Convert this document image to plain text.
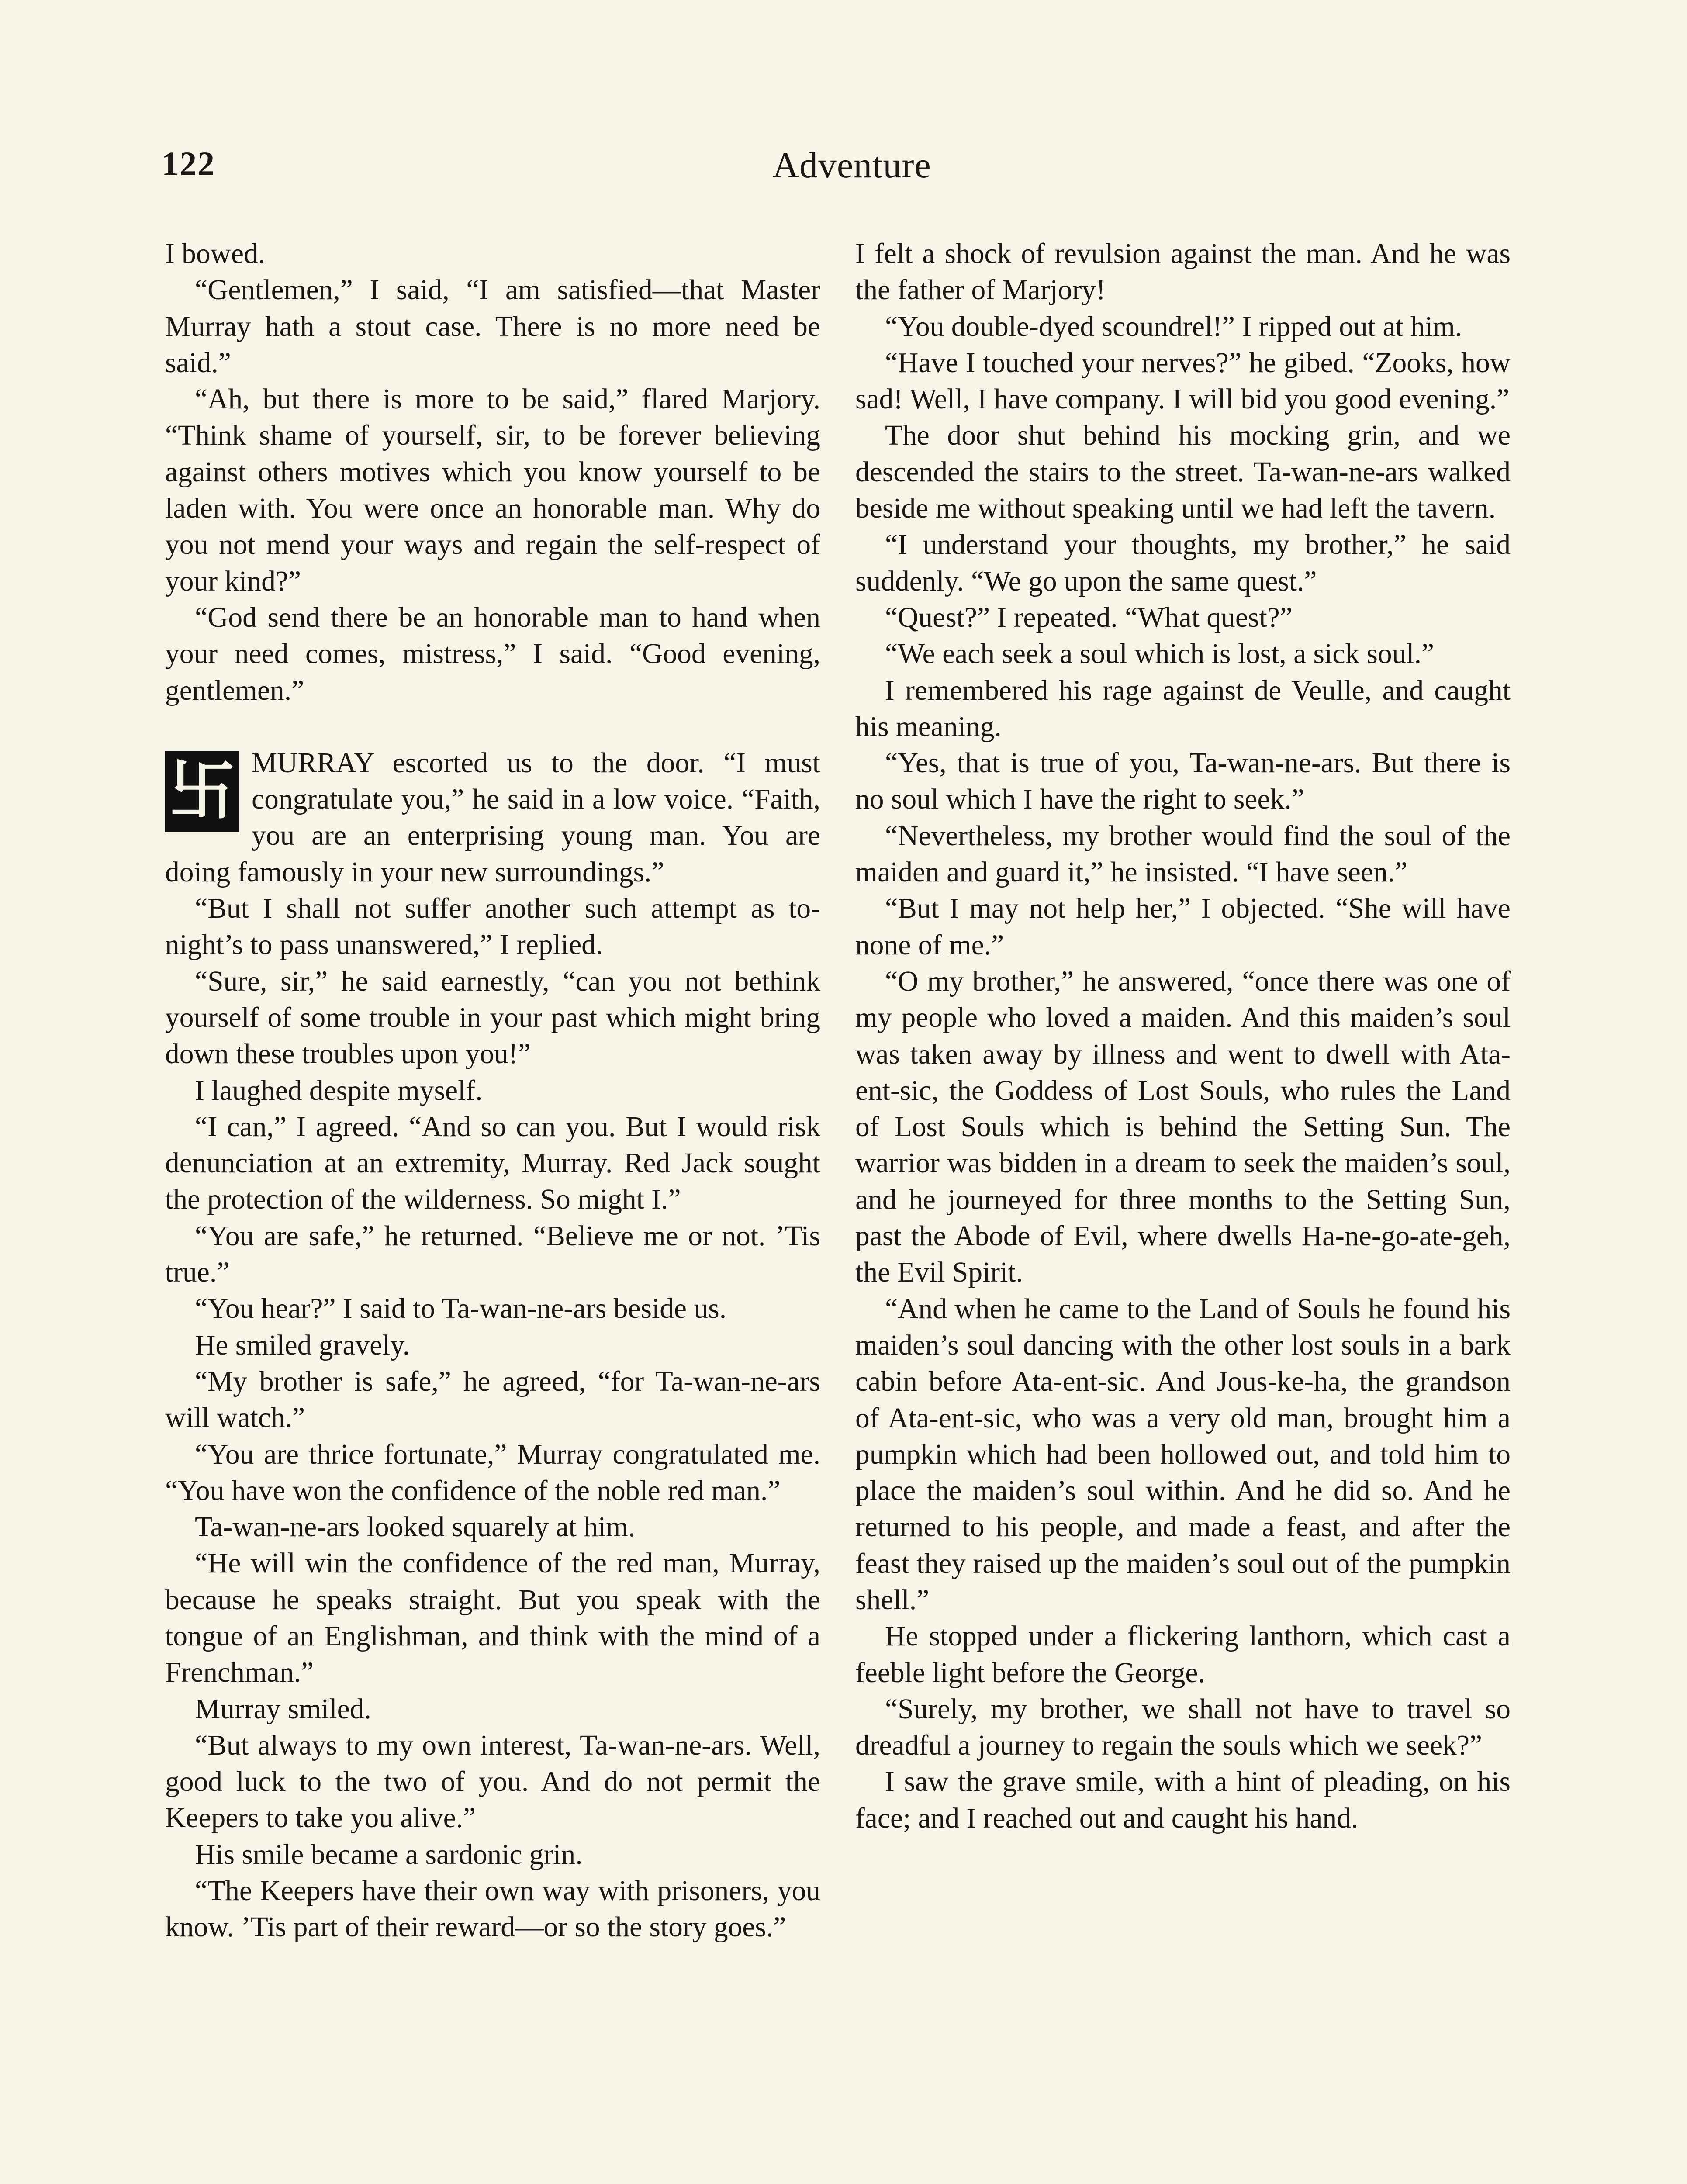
122	Adventure

I bowed.

“Gentlemen,” I said, “I am satisfied—that Master Murray hath a stout case. There is no more need be said.”

“Ah, but there is more to be said,” flared Marjory. “Think shame of yourself, sir, to be forever believing against others motives which you know yourself to be laden with. You were once an honorable man. Why do you not mend your ways and regain the self-respect of your kind?”

“God send there be an honorable man to hand when your need comes, mistress,” I said. “Good evening, gentlemen.”

卐 MURRAY escorted us to the door. “I must congratulate you,” he said in a low voice. “Faith, you are an enterprising young man. You are doing famously in your new surroundings.”

“But I shall not suffer another such attempt as to-night’s to pass unanswered,” I replied.

“Sure, sir,” he said earnestly, “can you not bethink yourself of some trouble in your past which might bring down these troubles upon you!”

I laughed despite myself.

“I can,” I agreed. “And so can you. But I would risk denunciation at an extremity, Murray. Red Jack sought the protection of the wilderness. So might I.”

“You are safe,” he returned. “Believe me or not. ’Tis true.”

“You hear?” I said to Ta-wan-ne-ars beside us.

He smiled gravely.

“My brother is safe,” he agreed, “for Ta-wan-ne-ars will watch.”

“You are thrice fortunate,” Murray congratulated me. “You have won the confidence of the noble red man.”

Ta-wan-ne-ars looked squarely at him.

“He will win the confidence of the red man, Murray, because he speaks straight. But you speak with the tongue of an Englishman, and think with the mind of a Frenchman.”

Murray smiled.

“But always to my own interest, Ta-wan-ne-ars. Well, good luck to the two of you. And do not permit the Keepers to take you alive.”

His smile became a sardonic grin.

“The Keepers have their own way with prisoners, you know. ’Tis part of their reward—or so the story goes.”

I felt a shock of revulsion against the man. And he was the father of Marjory!

“You double-dyed scoundrel!” I ripped out at him.

“Have I touched your nerves?” he gibed. “Zooks, how sad! Well, I have company. I will bid you good evening.”

The door shut behind his mocking grin, and we descended the stairs to the street. Ta-wan-ne-ars walked beside me without speaking until we had left the tavern.

“I understand your thoughts, my brother,” he said suddenly. “We go upon the same quest.”

“Quest?” I repeated. “What quest?”

“We each seek a soul which is lost, a sick soul.”

I remembered his rage against de Veulle, and caught his meaning.

“Yes, that is true of you, Ta-wan-ne-ars. But there is no soul which I have the right to seek.”

“Nevertheless, my brother would find the soul of the maiden and guard it,” he insisted. “I have seen.”

“But I may not help her,” I objected. “She will have none of me.”

“O my brother,” he answered, “once there was one of my people who loved a maiden. And this maiden’s soul was taken away by illness and went to dwell with Ata-ent-sic, the Goddess of Lost Souls, who rules the Land of Lost Souls which is behind the Setting Sun. The warrior was bidden in a dream to seek the maiden’s soul, and he journeyed for three months to the Setting Sun, past the Abode of Evil, where dwells Ha-ne-go-ate-geh, the Evil Spirit.

“And when he came to the Land of Souls he found his maiden’s soul dancing with the other lost souls in a bark cabin before Ata-ent-sic. And Jous-ke-ha, the grandson of Ata-ent-sic, who was a very old man, brought him a pumpkin which had been hollowed out, and told him to place the maiden’s soul within. And he did so. And he returned to his people, and made a feast, and after the feast they raised up the maiden’s soul out of the pumpkin shell.”

He stopped under a flickering lanthorn, which cast a feeble light before the George.

“Surely, my brother, we shall not have to travel so dreadful a journey to regain the souls which we seek?”

I saw the grave smile, with a hint of pleading, on his face; and I reached out and caught his hand.
